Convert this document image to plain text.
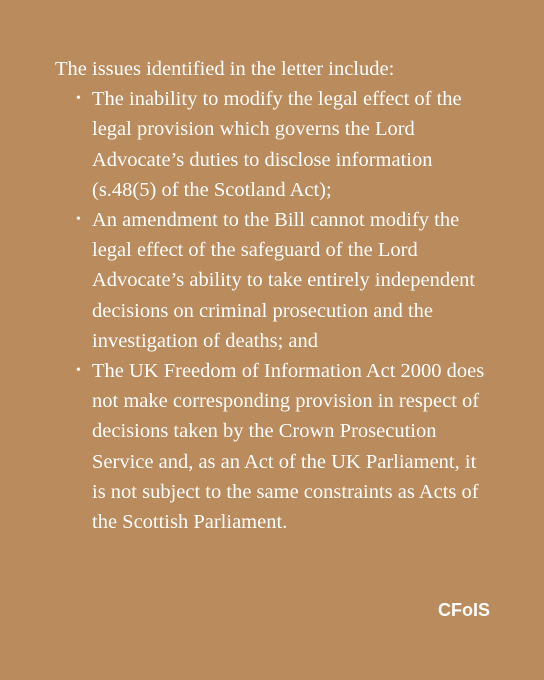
The issues identified in the letter include:

• The inability to modify the legal effect of the legal provision which governs the Lord Advocate’s duties to disclose information (s.48(5) of the Scotland Act);
• An amendment to the Bill cannot modify the legal effect of the safeguard of the Lord Advocate’s ability to take entirely independent decisions on criminal prosecution and the investigation of deaths; and
• The UK Freedom of Information Act 2000 does not make corresponding provision in respect of decisions taken by the Crown Prosecution Service and, as an Act of the UK Parliament, it is not subject to the same constraints as Acts of the Scottish Parliament.
CFoIS
